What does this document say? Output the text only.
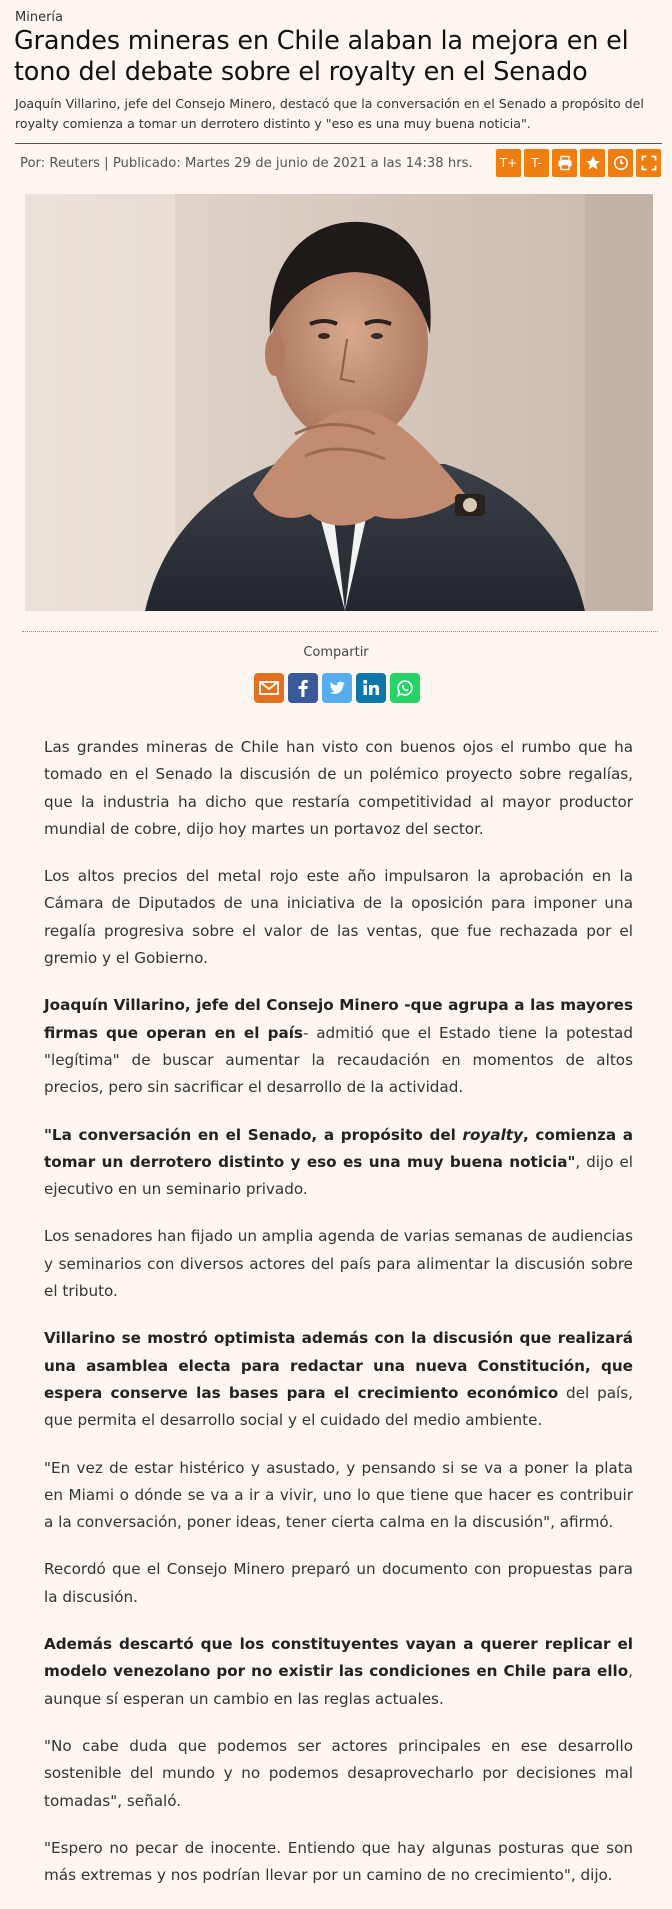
Minería
Grandes mineras en Chile alaban la mejora en el tono del debate sobre el royalty en el Senado

Joaquín Villarino, jefe del Consejo Minero, destacó que la conversación en el Senado a propósito del royalty comienza a tomar un derrotero distinto y "eso es una muy buena noticia".

Por: Reuters | Publicado: Martes 29 de junio de 2021 a las 14:38 hrs.	T+	T-
Compartir

Las grandes mineras de Chile han visto con buenos ojos el rumbo que ha tomado en el Senado la discusión de un polémico proyecto sobre regalías, que la industria ha dicho que restaría competitividad al mayor productor mundial de cobre, dijo hoy martes un portavoz del sector.

Los altos precios del metal rojo este año impulsaron la aprobación en la Cámara de Diputados de una iniciativa de la oposición para imponer una regalía progresiva sobre el valor de las ventas, que fue rechazada por el gremio y el Gobierno.

Joaquín Villarino, jefe del Consejo Minero -que agrupa a las mayores firmas que operan en el país- admitió que el Estado tiene la potestad "legítima" de buscar aumentar la recaudación en momentos de altos precios, pero sin sacrificar el desarrollo de la actividad.

"La conversación en el Senado, a propósito del royalty, comienza a tomar un derrotero distinto y eso es una muy buena noticia", dijo el ejecutivo en un seminario privado.

Los senadores han fijado un amplia agenda de varias semanas de audiencias y seminarios con diversos actores del país para alimentar la discusión sobre el tributo.

Villarino se mostró optimista además con la discusión que realizará una asamblea electa para redactar una nueva Constitución, que espera conserve las bases para el crecimiento económico del país, que permita el desarrollo social y el cuidado del medio ambiente.

"En vez de estar histérico y asustado, y pensando si se va a poner la plata en Miami o dónde se va a ir a vivir, uno lo que tiene que hacer es contribuir a la conversación, poner ideas, tener cierta calma en la discusión", afirmó.

Recordó que el Consejo Minero preparó un documento con propuestas para la discusión.

Además descartó que los constituyentes vayan a querer replicar el modelo venezolano por no existir las condiciones en Chile para ello, aunque sí esperan un cambio en las reglas actuales.

"No cabe duda que podemos ser actores principales en ese desarrollo sostenible del mundo y no podemos desaprovecharlo por decisiones mal tomadas", señaló.

"Espero no pecar de inocente. Entiendo que hay algunas posturas que son más extremas y nos podrían llevar por un camino de no crecimiento", dijo.
